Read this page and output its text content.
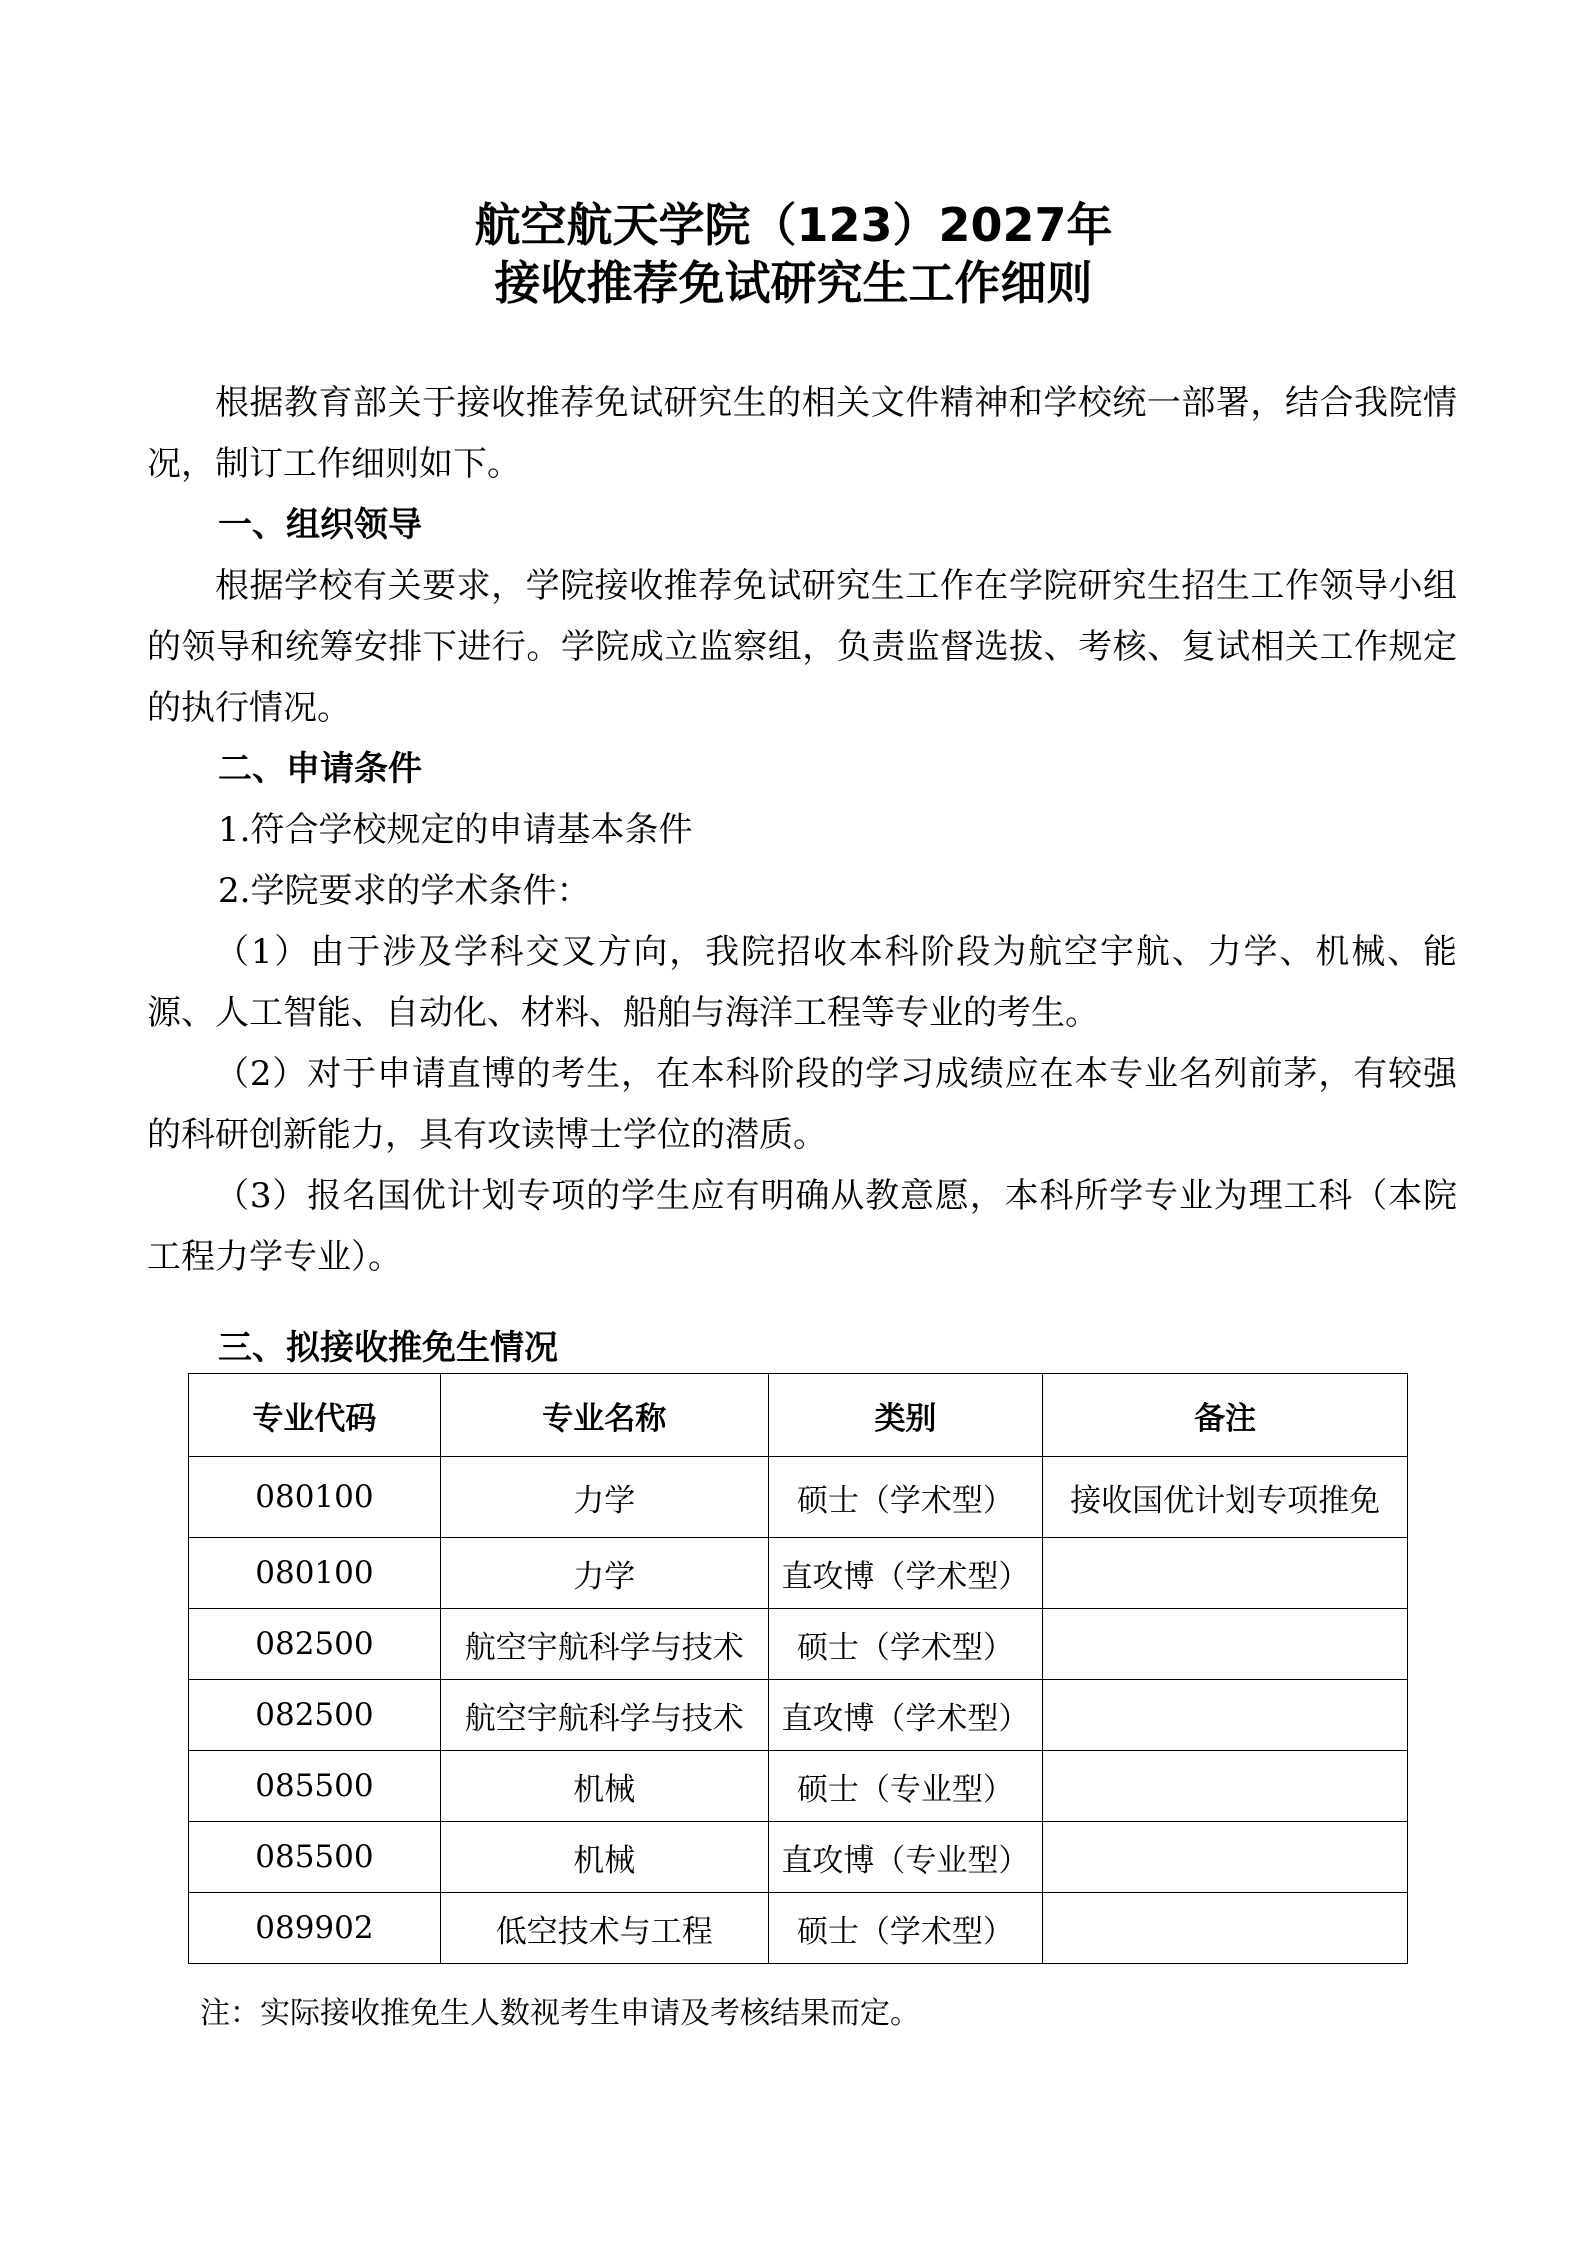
航空航天学院（123）2027年
接收推荐免试研究生工作细则

根据教育部关于接收推荐免试研究生的相关文件精神和学校统一部署，结合我院情况，制订工作细则如下。

一、组织领导

根据学校有关要求，学院接收推荐免试研究生工作在学院研究生招生工作领导小组的领导和统筹安排下进行。学院成立监察组，负责监督选拔、考核、复试相关工作规定的执行情况。

二、申请条件

1.符合学校规定的申请基本条件

2.学院要求的学术条件：

（1）由于涉及学科交叉方向，我院招收本科阶段为航空宇航、力学、机械、能源、人工智能、自动化、材料、船舶与海洋工程等专业的考生。

（2）对于申请直博的考生，在本科阶段的学习成绩应在本专业名列前茅，有较强的科研创新能力，具有攻读博士学位的潜质。

（3）报名国优计划专项的学生应有明确从教意愿，本科所学专业为理工科（本院工程力学专业）。

三、拟接收推免生情况

专业代码	专业名称	类别	备注
080100	力学	硕士（学术型）	接收国优计划专项推免
080100	力学	直攻博（学术型）	
082500	航空宇航科学与技术	硕士（学术型）	
082500	航空宇航科学与技术	直攻博（学术型）	
085500	机械	硕士（专业型）	
085500	机械	直攻博（专业型）	
089902	低空技术与工程	硕士（学术型）	

注：实际接收推免生人数视考生申请及考核结果而定。
